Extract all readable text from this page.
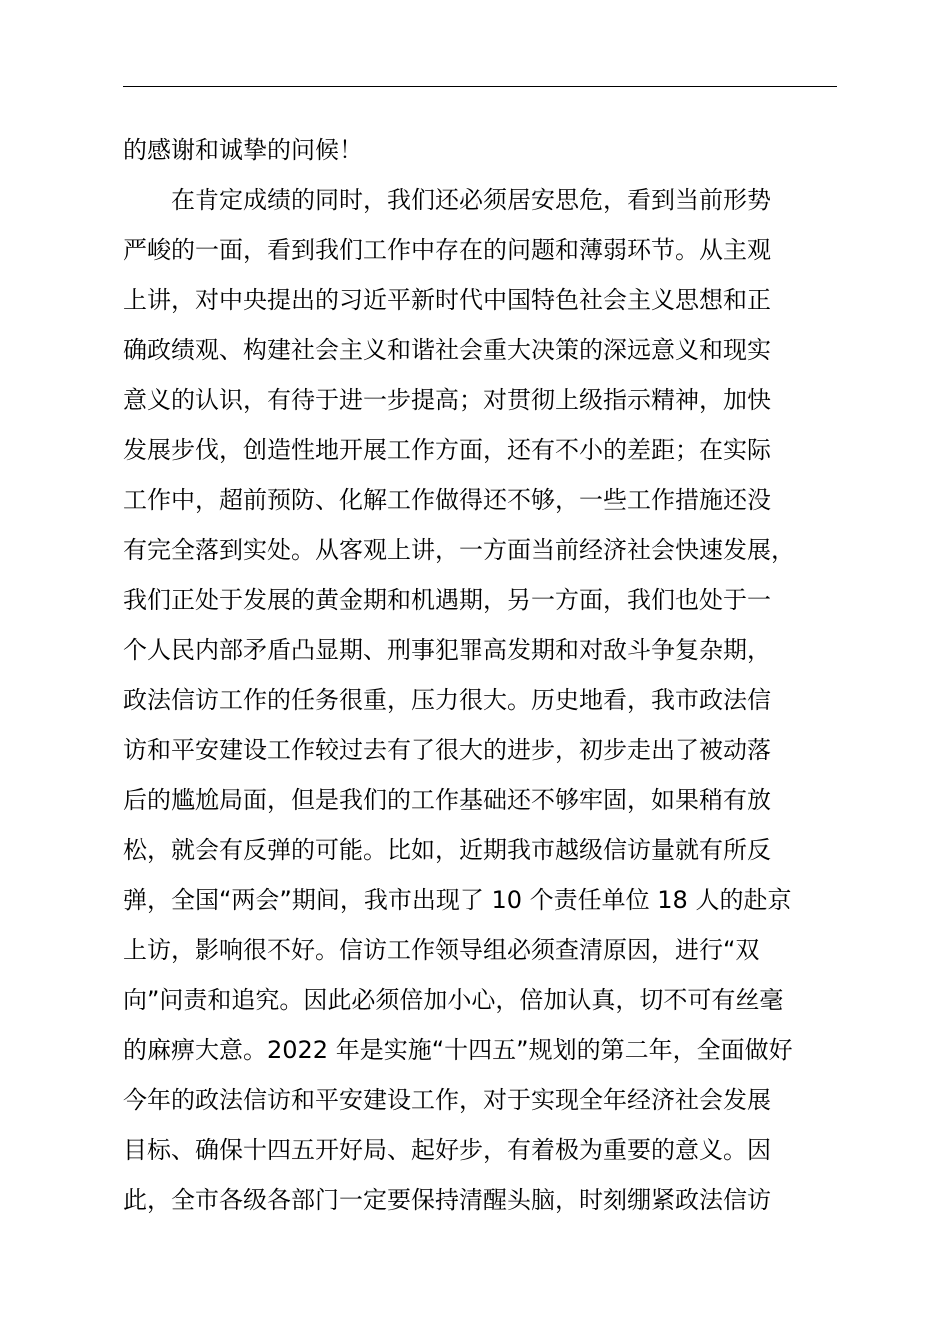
的感谢和诚挚的问候！
在肯定成绩的同时，我们还必须居安思危，看到当前形势
严峻的一面，看到我们工作中存在的问题和薄弱环节。从主观
上讲，对中央提出的习近平新时代中国特色社会主义思想和正
确政绩观、构建社会主义和谐社会重大决策的深远意义和现实
意义的认识，有待于进一步提高；对贯彻上级指示精神，加快
发展步伐，创造性地开展工作方面，还有不小的差距；在实际
工作中，超前预防、化解工作做得还不够，一些工作措施还没
有完全落到实处。从客观上讲，一方面当前经济社会快速发展，
我们正处于发展的黄金期和机遇期，另一方面，我们也处于一
个人民内部矛盾凸显期、刑事犯罪高发期和对敌斗争复杂期，
政法信访工作的任务很重，压力很大。历史地看，我市政法信
访和平安建设工作较过去有了很大的进步，初步走出了被动落
后的尴尬局面，但是我们的工作基础还不够牢固，如果稍有放
松，就会有反弹的可能。比如，近期我市越级信访量就有所反
弹，全国“两会”期间，我市出现了 10 个责任单位 18 人的赴京
上访，影响很不好。信访工作领导组必须查清原因，进行“双
向”问责和追究。因此必须倍加小心，倍加认真，切不可有丝毫
的麻痹大意。2022 年是实施“十四五”规划的第二年，全面做好
今年的政法信访和平安建设工作，对于实现全年经济社会发展
目标、确保十四五开好局、起好步，有着极为重要的意义。因
此，全市各级各部门一定要保持清醒头脑，时刻绷紧政法信访
